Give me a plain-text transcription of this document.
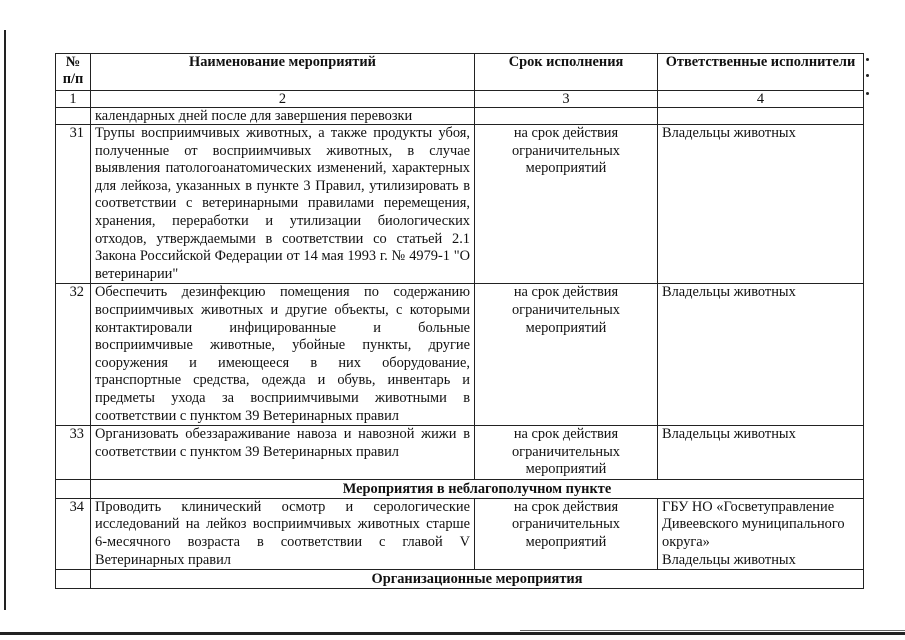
№ п/п	Наименование мероприятий	Срок исполнения	Ответственные исполнители
1	2	3	4
	календарных дней после для завершения перевозки		
31	Трупы восприимчивых животных, а также продукты убоя, полученные от восприимчивых животных, в случае выявления патологоанатомических изменений, характерных для лейкоза, указанных в пункте 3 Правил, утилизировать в соответствии с ветеринарными правилами перемещения, хранения, переработки и утилизации биологических отходов, утверждаемыми в соответствии со статьей 2.1 Закона Российской Федерации от 14 мая 1993 г. № 4979-1 "О ветеринарии"	на срок действия ограничительных мероприятий	Владельцы животных
32	Обеспечить дезинфекцию помещения по содержанию восприимчивых животных и другие объекты, с которыми контактировали инфицированные и больные восприимчивые животные, убойные пункты, другие сооружения и имеющееся в них оборудование, транспортные средства, одежда и обувь, инвентарь и предметы ухода за восприимчивыми животными в соответствии с пунктом 39 Ветеринарных правил	на срок действия ограничительных мероприятий	Владельцы животных
33	Организовать обеззараживание навоза и навозной жижи в соответствии с пунктом 39 Ветеринарных правил	на срок действия ограничительных мероприятий	Владельцы животных
	Мероприятия в неблагополучном пункте		
34	Проводить клинический осмотр и серологические исследований на лейкоз восприимчивых животных старше 6-месячного возраста в соответствии с главой V Ветеринарных правил	на срок действия ограничительных мероприятий	ГБУ НО «Госветуправление Дивеевского муниципального округа»
Владельцы животных

	Организационные мероприятия		
